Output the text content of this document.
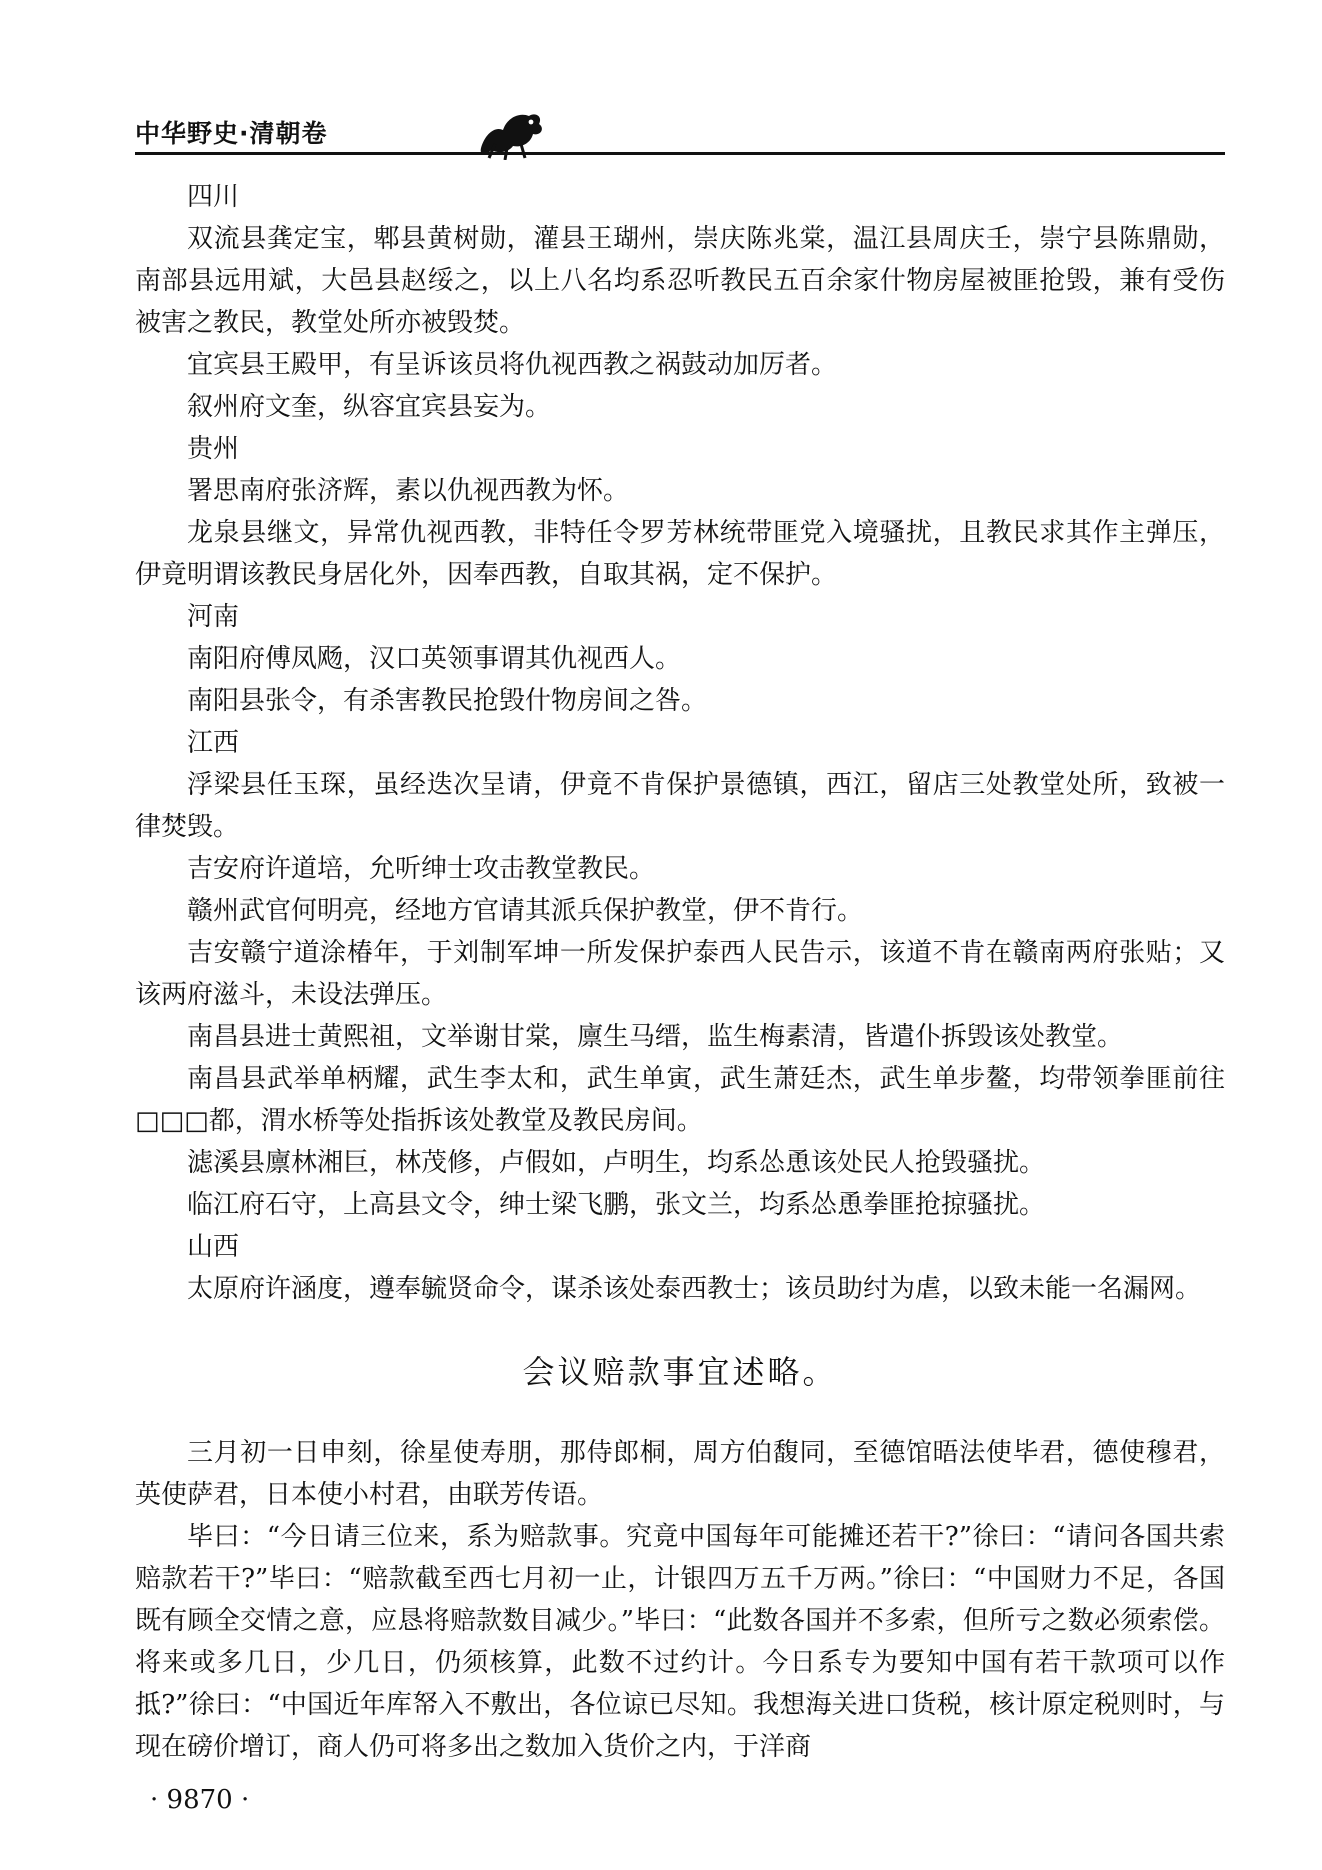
中华野史·清朝卷

四川

双流县龚定宝，郫县黄树勋，灌县王瑚州，崇庆陈兆棠，温江县周庆壬，崇宁县陈鼎勋，南部县远用斌，大邑县赵绥之，以上八名均系忍听教民五百余家什物房屋被匪抢毁，兼有受伤被害之教民，教堂处所亦被毁焚。

宜宾县王殿甲，有呈诉该员将仇视西教之祸鼓动加厉者。

叙州府文奎，纵容宜宾县妄为。

贵州

署思南府张济辉，素以仇视西教为怀。

龙泉县继文，异常仇视西教，非特任令罗芳林统带匪党入境骚扰，且教民求其作主弹压，伊竟明谓该教民身居化外，因奉西教，自取其祸，定不保护。

河南

南阳府傅凤飏，汉口英领事谓其仇视西人。

南阳县张令，有杀害教民抢毁什物房间之咎。

江西

浮梁县任玉琛，虽经迭次呈请，伊竟不肯保护景德镇，西江，留店三处教堂处所，致被一律焚毁。

吉安府许道培，允听绅士攻击教堂教民。

赣州武官何明亮，经地方官请其派兵保护教堂，伊不肯行。

吉安赣宁道涂椿年，于刘制军坤一所发保护泰西人民告示，该道不肯在赣南两府张贴；又该两府滋斗，未设法弹压。

南昌县进士黄熙祖，文举谢甘棠，廪生马缙，监生梅素清，皆遣仆拆毁该处教堂。

南昌县武举单柄耀，武生李太和，武生单寅，武生萧廷杰，武生单步鳌，均带领拳匪前往□□□都，渭水桥等处指拆该处教堂及教民房间。

滤溪县廪林湘巨，林茂修，卢假如，卢明生，均系怂恿该处民人抢毁骚扰。

临江府石守，上高县文令，绅士梁飞鹏，张文兰，均系怂恿拳匪抢掠骚扰。

山西

太原府许涵度，遵奉毓贤命令，谋杀该处泰西教士；该员助纣为虐，以致未能一名漏网。

会议赔款事宜述略。

三月初一日申刻，徐星使寿朋，那侍郎桐，周方伯馥同，至德馆晤法使毕君，德使穆君，英使萨君，日本使小村君，由联芳传语。

毕曰：“今日请三位来，系为赔款事。究竟中国每年可能摊还若干?”徐曰：“请问各国共索赔款若干?”毕曰：“赔款截至西七月初一止，计银四万五千万两。”徐曰：“中国财力不足，各国既有顾全交情之意，应恳将赔款数目减少。”毕曰：“此数各国并不多索，但所亏之数必须索偿。将来或多几日，少几日，仍须核算，此数不过约计。今日系专为要知中国有若干款项可以作抵?”徐曰：“中国近年库帑入不敷出，各位谅已尽知。我想海关进口货税，核计原定税则时，与现在磅价增订，商人仍可将多出之数加入货价之内，于洋商

· 9870 ·
